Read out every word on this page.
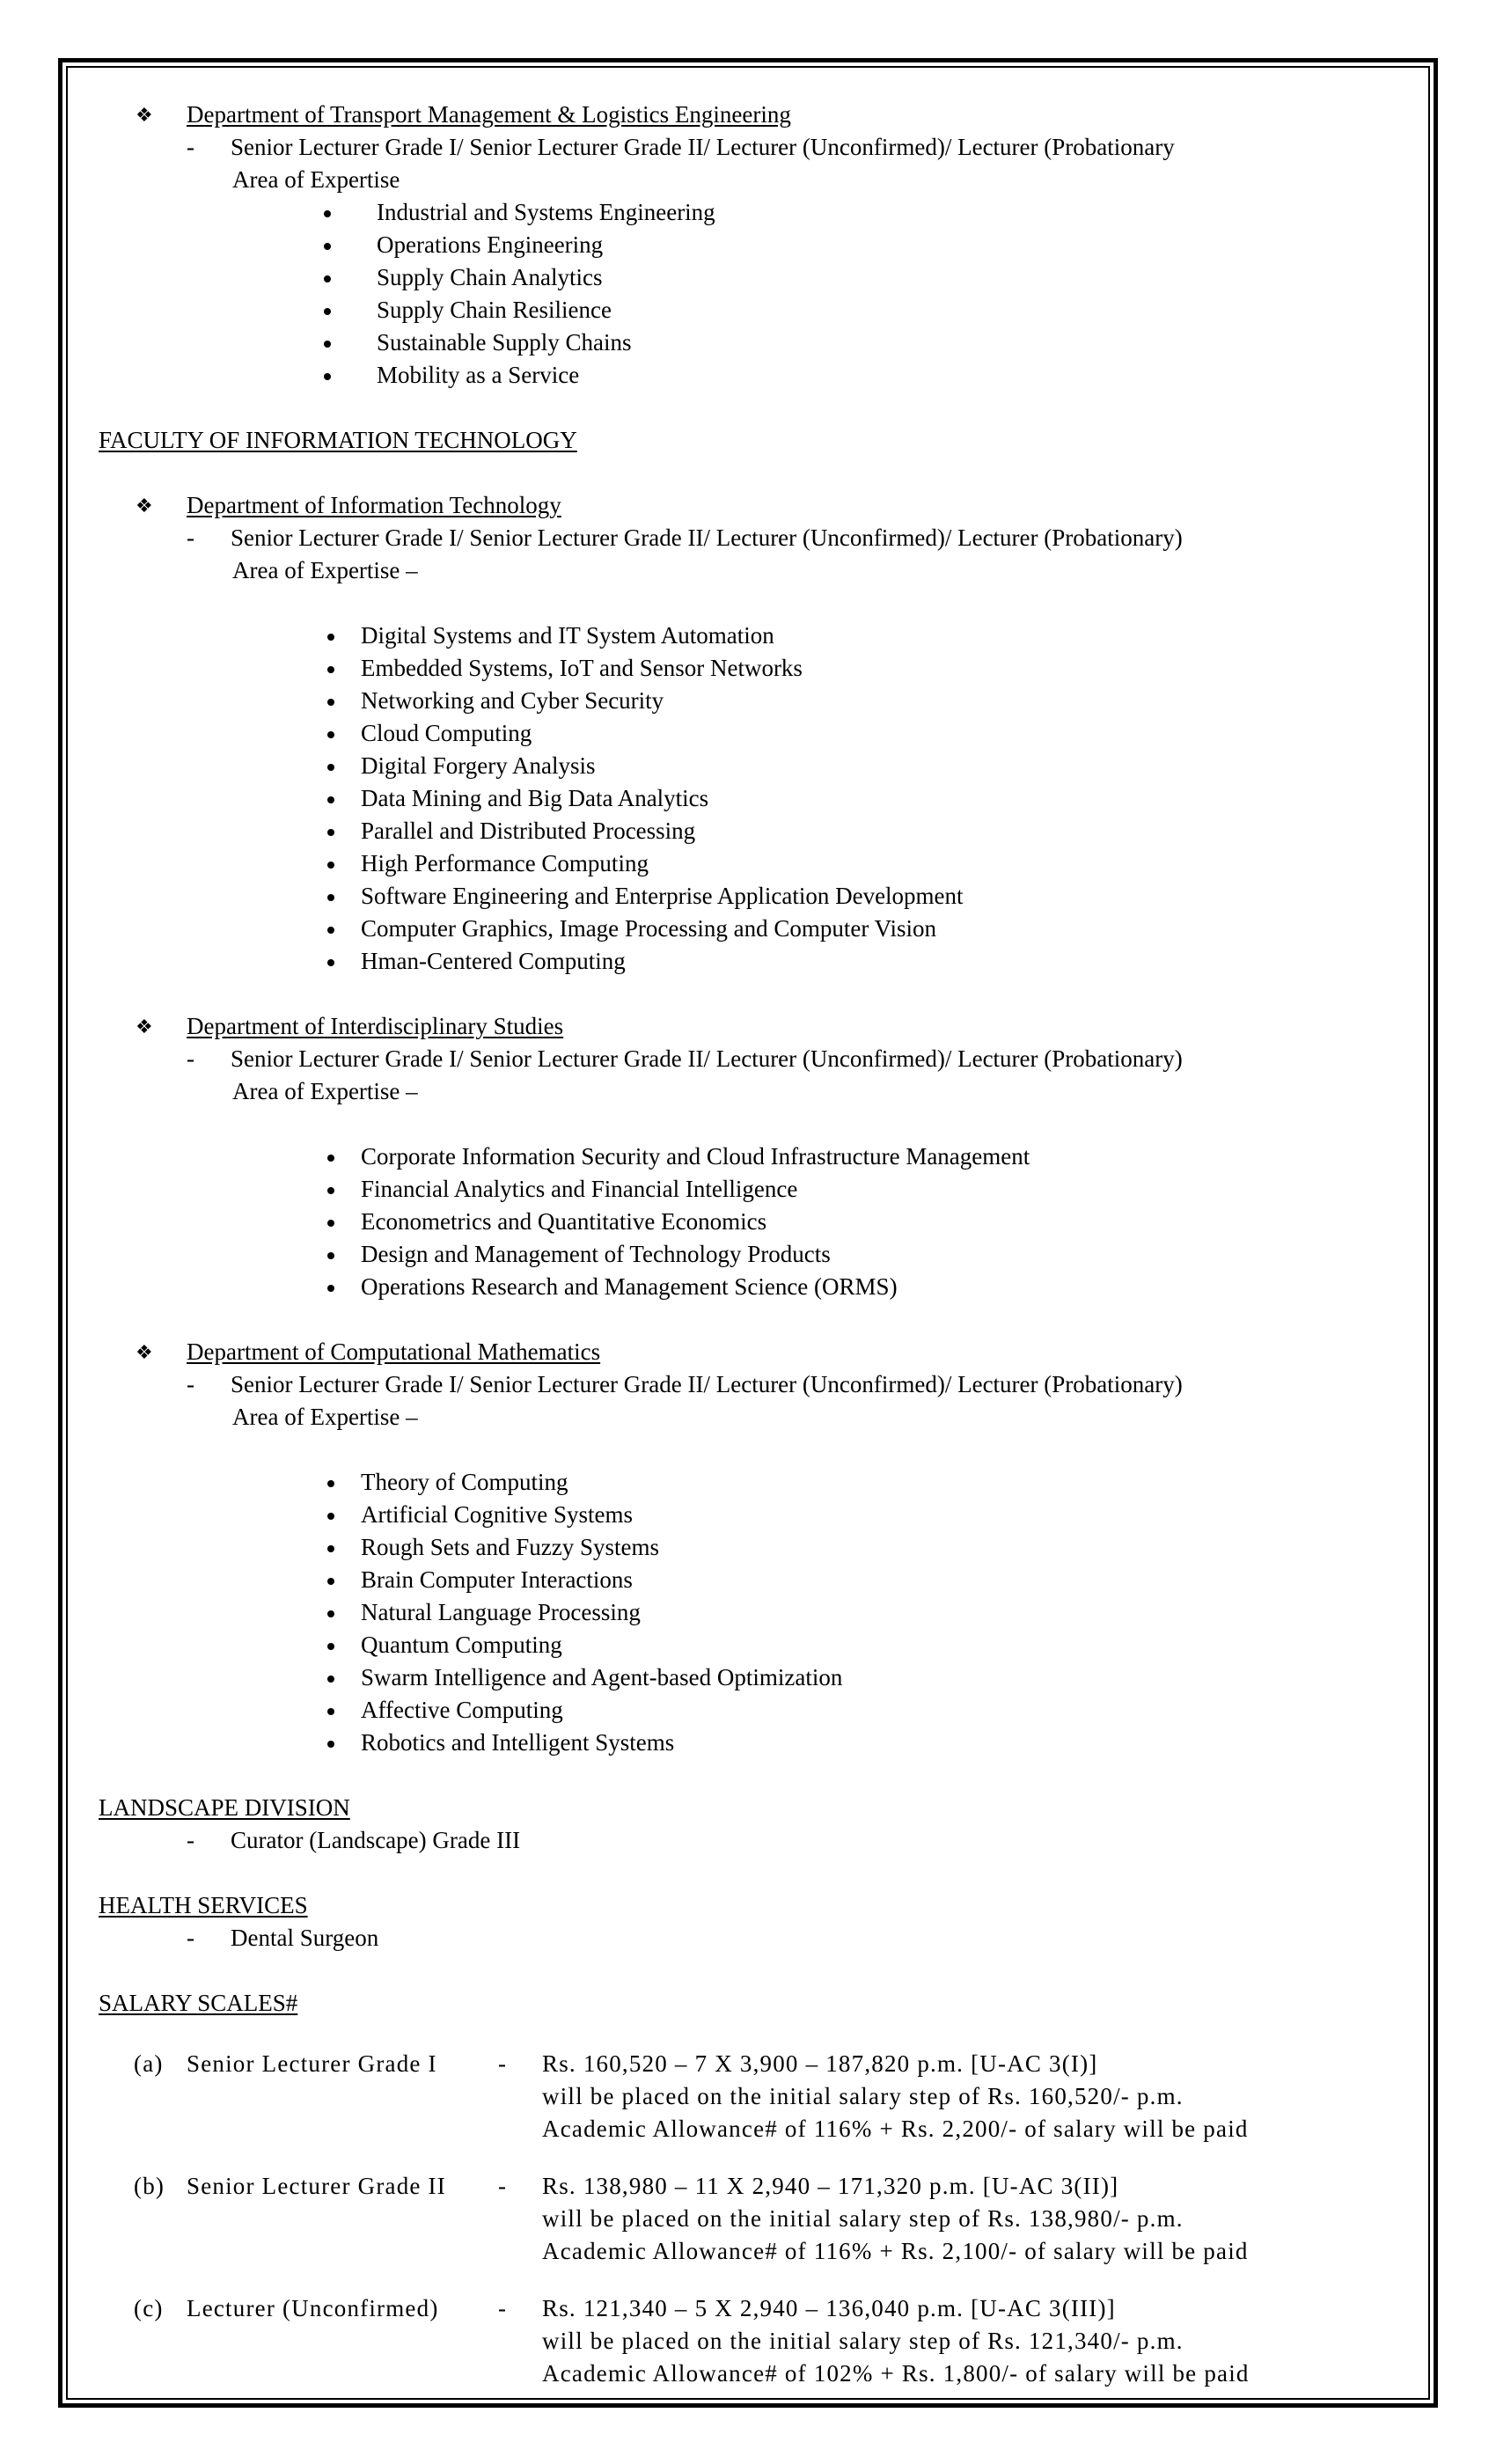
❖ Department of Transport Management & Logistics Engineering
- Senior Lecturer Grade I/ Senior Lecturer Grade II/ Lecturer (Unconfirmed)/ Lecturer (Probationary
Area of Expertise
Industrial and Systems Engineering
Operations Engineering
Supply Chain Analytics
Supply Chain Resilience
Sustainable Supply Chains
Mobility as a Service
FACULTY OF INFORMATION TECHNOLOGY
❖ Department of Information Technology
- Senior Lecturer Grade I/ Senior Lecturer Grade II/ Lecturer (Unconfirmed)/ Lecturer (Probationary)
Area of Expertise –
Digital Systems and IT System Automation
Embedded Systems, IoT and Sensor Networks
Networking and Cyber Security
Cloud Computing
Digital Forgery Analysis
Data Mining and Big Data Analytics
Parallel and Distributed Processing
High Performance Computing
Software Engineering and Enterprise Application Development
Computer Graphics, Image Processing and Computer Vision
Hman-Centered Computing
❖ Department of Interdisciplinary Studies
- Senior Lecturer Grade I/ Senior Lecturer Grade II/ Lecturer (Unconfirmed)/ Lecturer (Probationary)
Area of Expertise –
Corporate Information Security and Cloud Infrastructure Management
Financial Analytics and Financial Intelligence
Econometrics and Quantitative Economics
Design and Management of Technology Products
Operations Research and Management Science (ORMS)
❖ Department of Computational Mathematics
- Senior Lecturer Grade I/ Senior Lecturer Grade II/ Lecturer (Unconfirmed)/ Lecturer (Probationary)
Area of Expertise –
Theory of Computing
Artificial Cognitive Systems
Rough Sets and Fuzzy Systems
Brain Computer Interactions
Natural Language Processing
Quantum Computing
Swarm Intelligence and Agent-based Optimization
Affective Computing
Robotics and Intelligent Systems
LANDSCAPE DIVISION
- Curator (Landscape) Grade III
HEALTH SERVICES
- Dental Surgeon
SALARY SCALES#
(a) Senior Lecturer Grade I	- Rs. 160,520 – 7 X 3,900 – 187,820 p.m. [U-AC 3(I)]
will be placed on the initial salary step of Rs. 160,520/- p.m.
Academic Allowance# of 116% + Rs. 2,200/- of salary will be paid
(b) Senior Lecturer Grade II - Rs. 138,980 – 11 X 2,940 – 171,320 p.m. [U-AC 3(II)]
will be placed on the initial salary step of Rs. 138,980/- p.m.
Academic Allowance# of 116% + Rs. 2,100/- of salary will be paid
(c) Lecturer (Unconfirmed) - Rs. 121,340 – 5 X 2,940 – 136,040 p.m. [U-AC 3(III)]
will be placed on the initial salary step of Rs. 121,340/- p.m.
Academic Allowance# of 102% + Rs. 1,800/- of salary will be paid
